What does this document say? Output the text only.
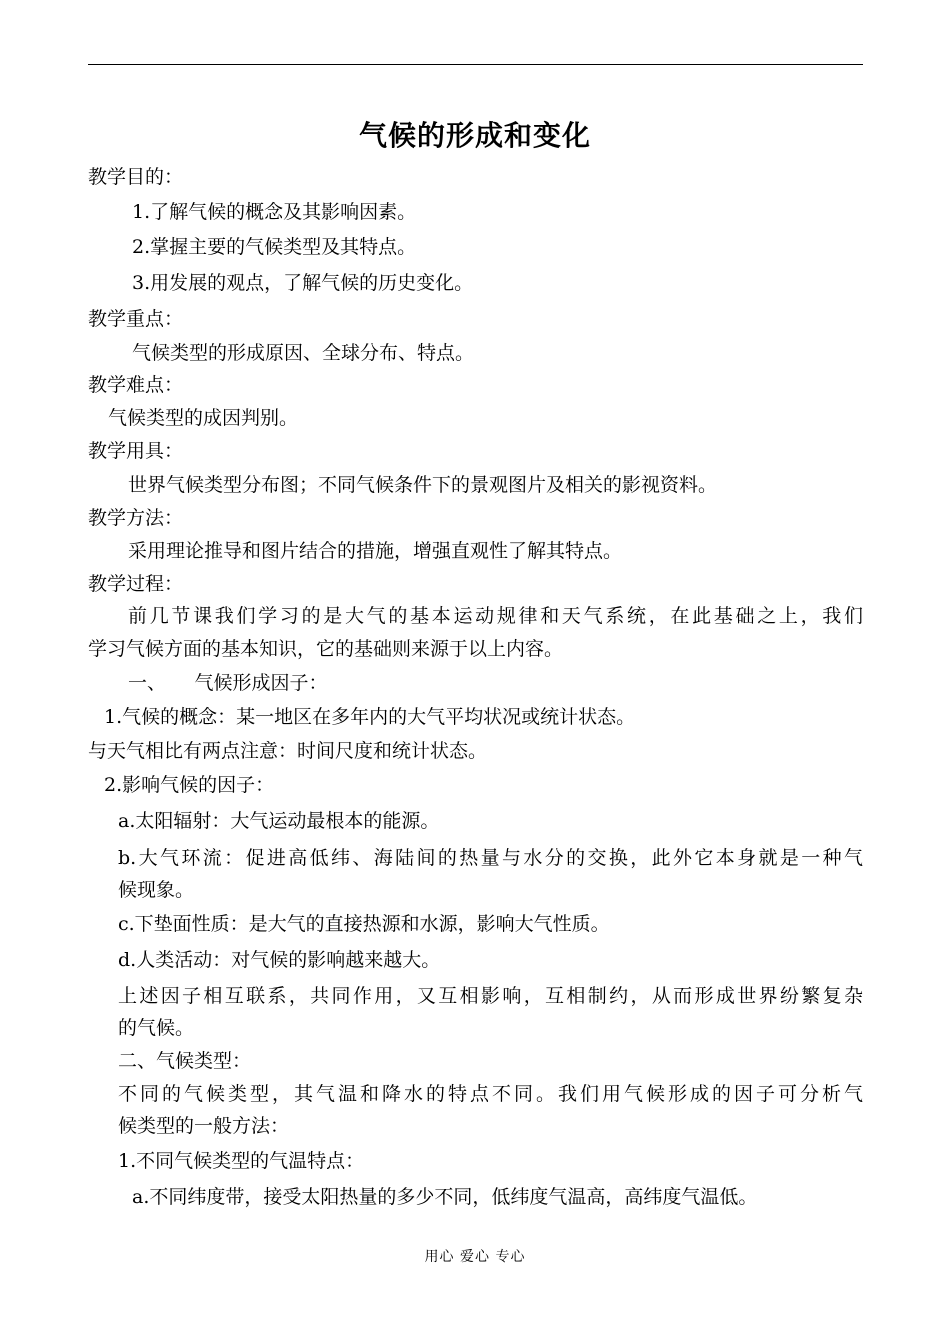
气候的形成和变化
教学目的：
1.了解气候的概念及其影响因素。
2.掌握主要的气候类型及其特点。
3.用发展的观点，了解气候的历史变化。
教学重点：
气候类型的形成原因、全球分布、特点。
教学难点：
气候类型的成因判别。
教学用具：
世界气候类型分布图；不同气候条件下的景观图片及相关的影视资料。
教学方法：
采用理论推导和图片结合的措施，增强直观性了解其特点。
教学过程：
前几节课我们学习的是大气的基本运动规律和天气系统，在此基础之上，我们
学习气候方面的基本知识，它的基础则来源于以上内容。
一、　　气候形成因子：
1.气候的概念：某一地区在多年内的大气平均状况或统计状态。
与天气相比有两点注意：时间尺度和统计状态。
2.影响气候的因子：
a.太阳辐射：大气运动最根本的能源。
b.大气环流：促进高低纬、海陆间的热量与水分的交换，此外它本身就是一种气
候现象。
c.下垫面性质：是大气的直接热源和水源，影响大气性质。
d.人类活动：对气候的影响越来越大。
上述因子相互联系，共同作用，又互相影响，互相制约，从而形成世界纷繁复杂
的气候。
二、气候类型：
不同的气候类型，其气温和降水的特点不同。我们用气候形成的因子可分析气
候类型的一般方法：
1.不同气候类型的气温特点：
a.不同纬度带，接受太阳热量的多少不同，低纬度气温高，高纬度气温低。
用心 爱心 专心
